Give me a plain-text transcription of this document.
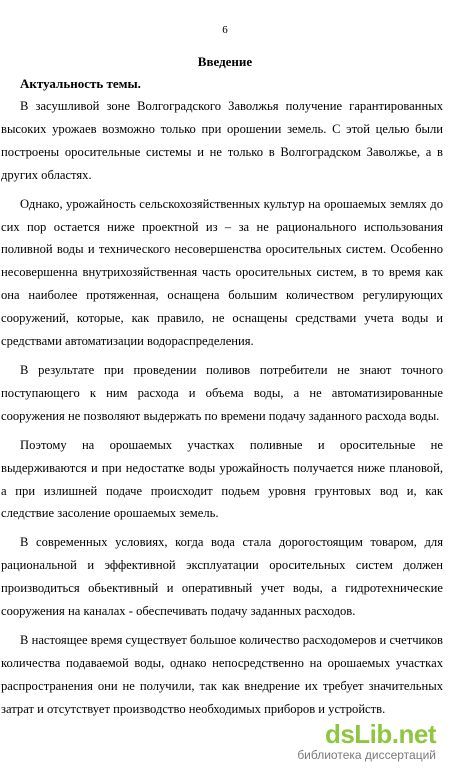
6
Введение
Актуальность темы.

В засушливой зоне Волгоградского Заволжья получение гарантированных высоких урожаев возможно только при орошении земель. С этой целью были построены оросительные системы и не только в Волгоградском Заволжье, а в других областях.

Однако, урожайность сельскохозяйственных культур на орошаемых землях до сих пор остается ниже проектной из – за не рационального использования поливной воды и технического несовершенства оросительных систем. Особенно несовершенна внутрихозяйственная часть оросительных систем, в то время как она наиболее протяженная, оснащена большим количеством регулирующих сооружений, которые, как правило, не оснащены средствами учета воды и средствами автоматизации водораспределения.

В результате при проведении поливов потребители не знают точного поступающего к ним расхода и объема воды, а не автоматизированные сооружения не позволяют выдержать по времени подачу заданного расхода воды.

Поэтому на орошаемых участках поливные и оросительные не выдерживаются и при недостатке воды урожайность получается ниже плановой, а при излишней подаче происходит подьем уровня грунтовых вод и, как следствие засоление орошаемых земель.

В современных условиях, когда вода стала дорогостоящим товаром, для рациональной и эффективной эксплуатации оросительных систем должен производиться обьективный и оперативный учет воды, а гидротехнические сооружения на каналах - обеспечивать подачу заданных расходов.

В настоящее время существует большое количество расходомеров и счетчиков количества подаваемой воды, однако непосредственно на орошаемых участках распространения они не получили, так как внедрение их требует значительных затрат и отсутствует производство необходимых приборов и устройств.

dsLib.net
библиотека диссертаций
